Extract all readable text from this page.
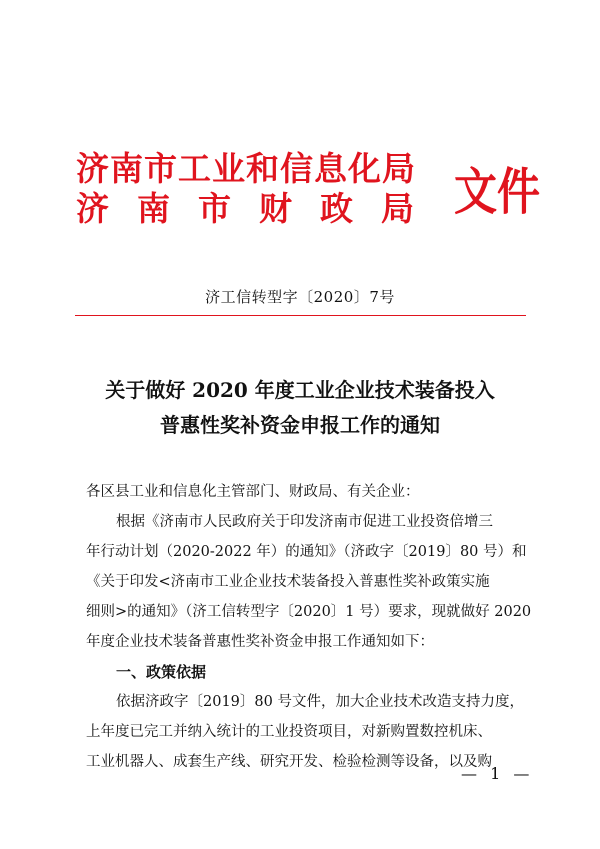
济南市工业和信息化局
济南市财政局 文件
济工信转型字〔2020〕7号
关于做好 2020 年度工业企业技术装备投入
普惠性奖补资金申报工作的通知
各区县工业和信息化主管部门、财政局、有关企业：
根据《济南市人民政府关于印发济南市促进工业投资倍增三
年行动计划（2020-2022 年）的通知》（济政字〔2019〕80 号）和
《关于印发<济南市工业企业技术装备投入普惠性奖补政策实施
细则>的通知》（济工信转型字〔2020〕1 号）要求，现就做好 2020
年度企业技术装备普惠性奖补资金申报工作通知如下：
一、政策依据
依据济政字〔2019〕80 号文件，加大企业技术改造支持力度，
上年度已完工并纳入统计的工业投资项目，对新购置数控机床、
工业机器人、成套生产线、研究开发、检验检测等设备，以及购
— 1 —
